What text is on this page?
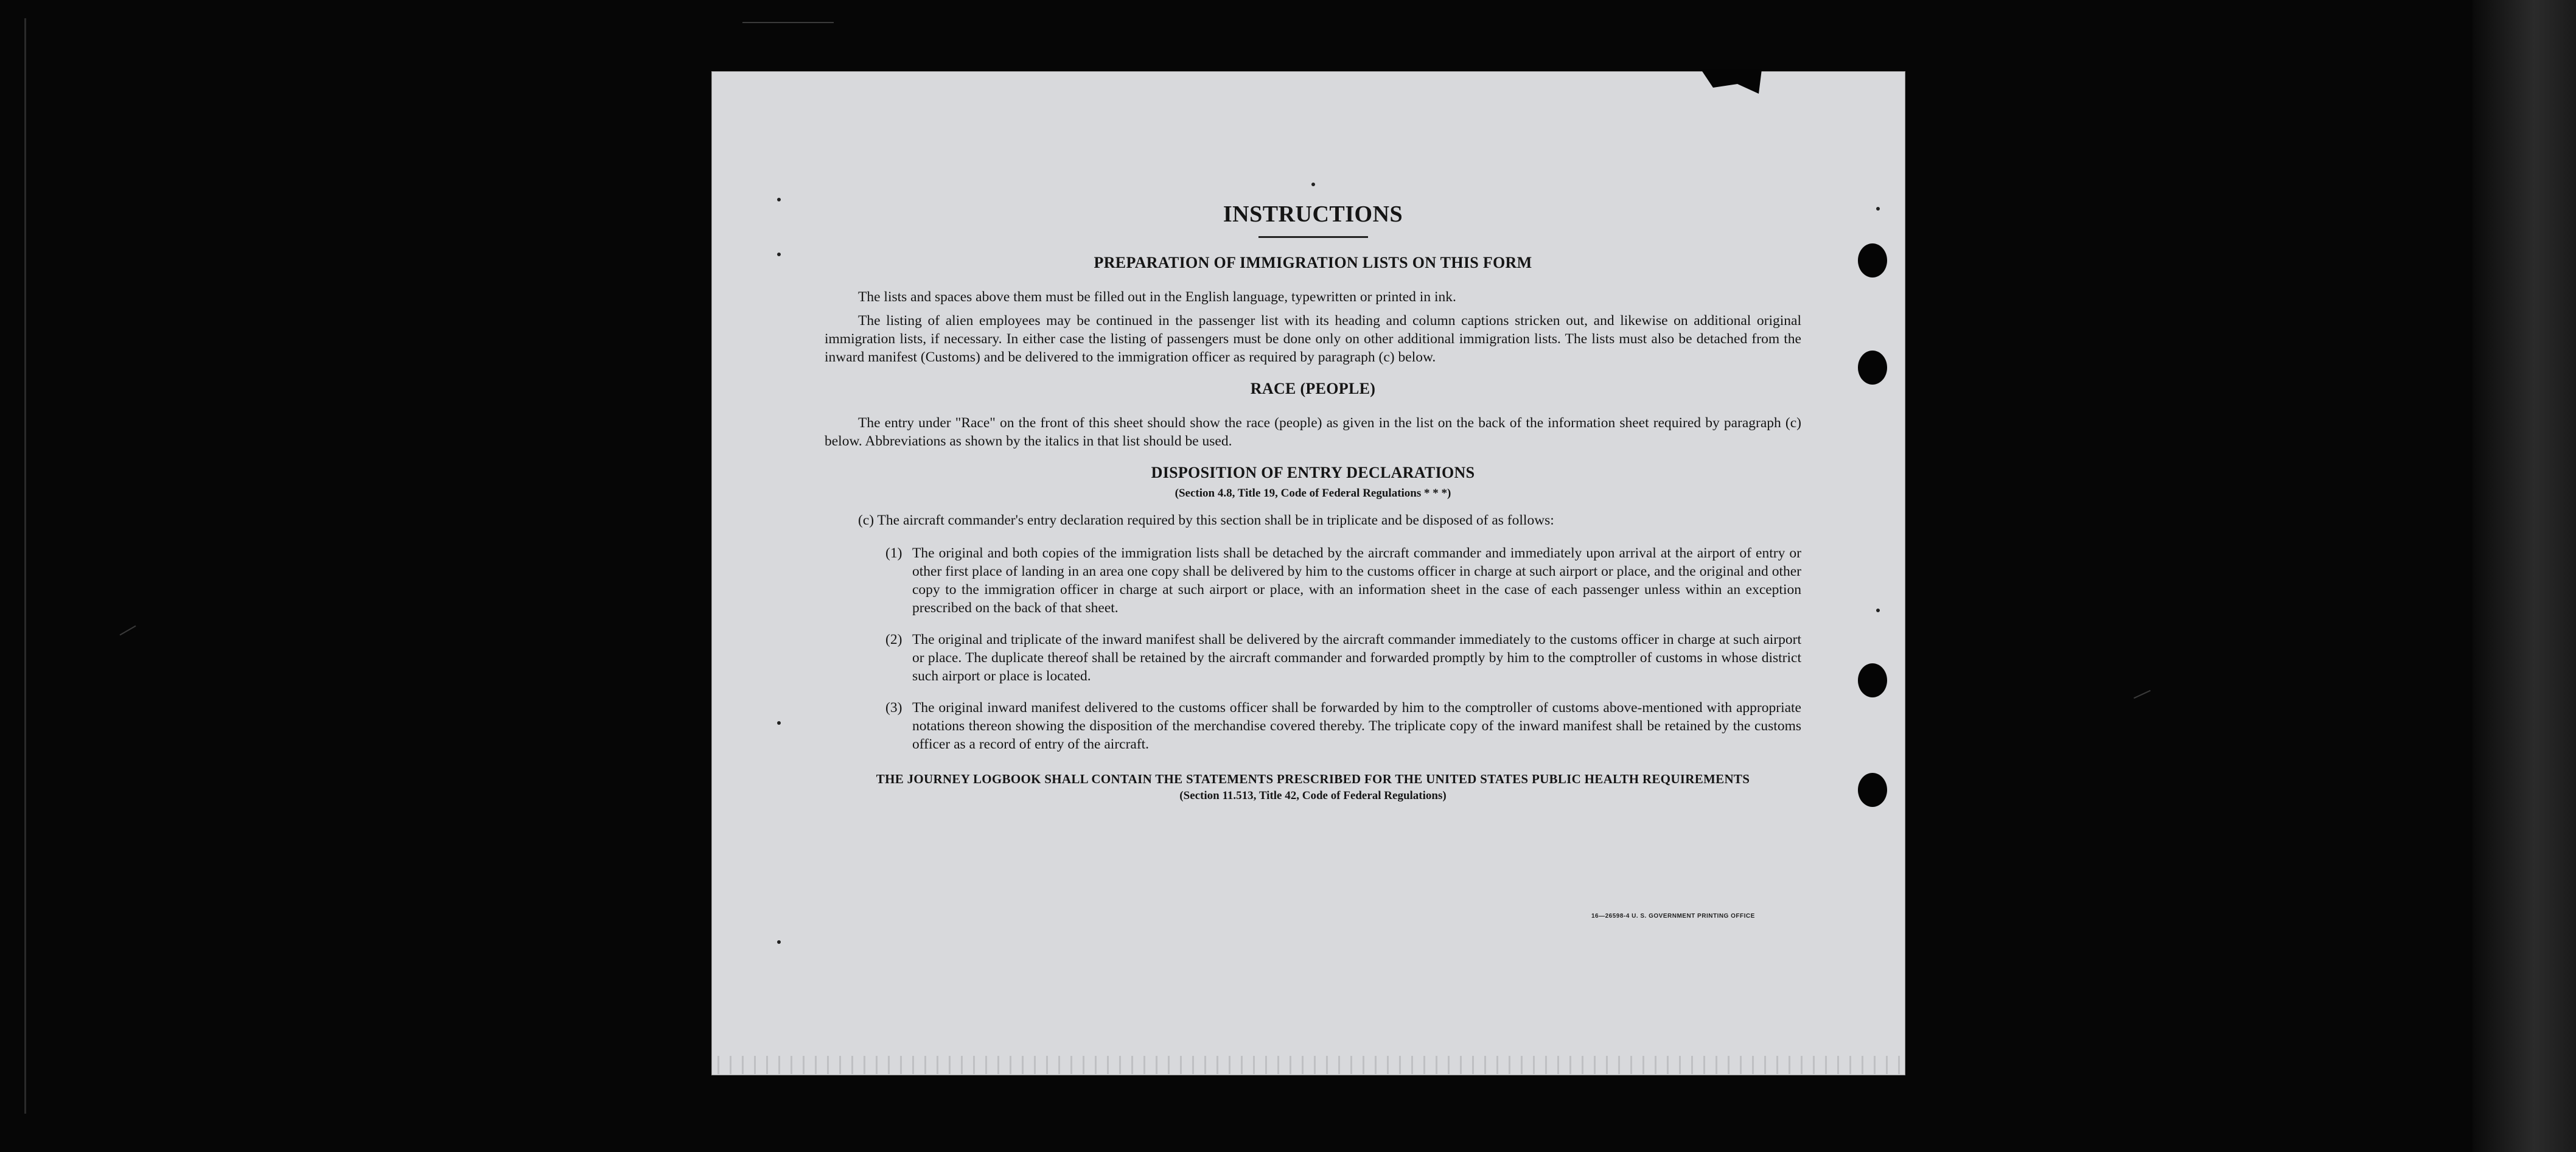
INSTRUCTIONS
PREPARATION OF IMMIGRATION LISTS ON THIS FORM

The lists and spaces above them must be filled out in the English language, typewritten or printed in ink.

The listing of alien employees may be continued in the passenger list with its heading and column captions stricken out, and likewise on additional original immigration lists, if necessary. In either case the listing of passengers must be done only on other additional immigration lists. The lists must also be detached from the inward manifest (Customs) and be delivered to the immigration officer as required by paragraph (c) below.

RACE (PEOPLE)

The entry under "Race" on the front of this sheet should show the race (people) as given in the list on the back of the information sheet required by paragraph (c) below. Abbreviations as shown by the italics in that list should be used.

DISPOSITION OF ENTRY DECLARATIONS
(Section 4.8, Title 19, Code of Federal Regulations * * *)
(c) The aircraft commander's entry declaration required by this section shall be in triplicate and be disposed of as follows:
(1) The original and both copies of the immigration lists shall be detached by the aircraft commander and immediately upon arrival at the airport of entry or other first place of landing in an area one copy shall be delivered by him to the customs officer in charge at such airport or place, and the original and other copy to the immigration officer in charge at such airport or place, with an information sheet in the case of each passenger unless within an exception prescribed on the back of that sheet.
(2) The original and triplicate of the inward manifest shall be delivered by the aircraft commander immediately to the customs officer in charge at such airport or place. The duplicate thereof shall be retained by the aircraft commander and forwarded promptly by him to the comptroller of customs in whose district such airport or place is located.
(3) The original inward manifest delivered to the customs officer shall be forwarded by him to the comptroller of customs above-mentioned with appropriate notations thereon showing the disposition of the merchandise covered thereby. The triplicate copy of the inward manifest shall be retained by the customs officer as a record of entry of the aircraft.
THE JOURNEY LOGBOOK SHALL CONTAIN THE STATEMENTS PRESCRIBED FOR THE UNITED STATES PUBLIC HEALTH REQUIREMENTS
(Section 11.513, Title 42, Code of Federal Regulations)
16—26598-4 U. S. GOVERNMENT PRINTING OFFICE
